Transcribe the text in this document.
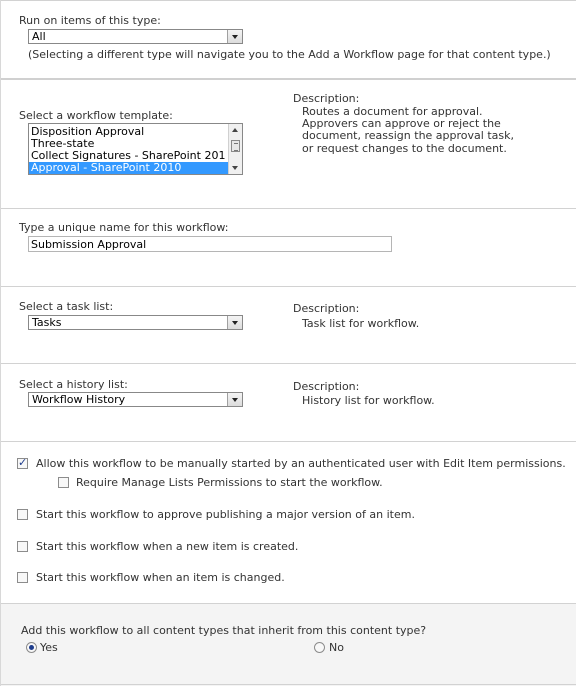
Run on items of this type:
All
(Selecting a different type will navigate you to the Add a Workflow page for that content type.)
Select a workflow template:
Disposition Approval
Three-state
Collect Signatures - SharePoint 201
Approval - SharePoint 2010
Description:
Routes a document for approval.
Approvers can approve or reject the
document, reassign the approval task,
or request changes to the document.
Type a unique name for this workflow:
Submission Approval
Select a task list:
Tasks
Description:
Task list for workflow.
Select a history list:
Workflow History
Description:
History list for workflow.
✓ Allow this workflow to be manually started by an authenticated user with Edit Item permissions.
Require Manage Lists Permissions to start the workflow.
Start this workflow to approve publishing a major version of an item.
Start this workflow when a new item is created.
Start this workflow when an item is changed.
Add this workflow to all content types that inherit from this content type?
Yes	No
